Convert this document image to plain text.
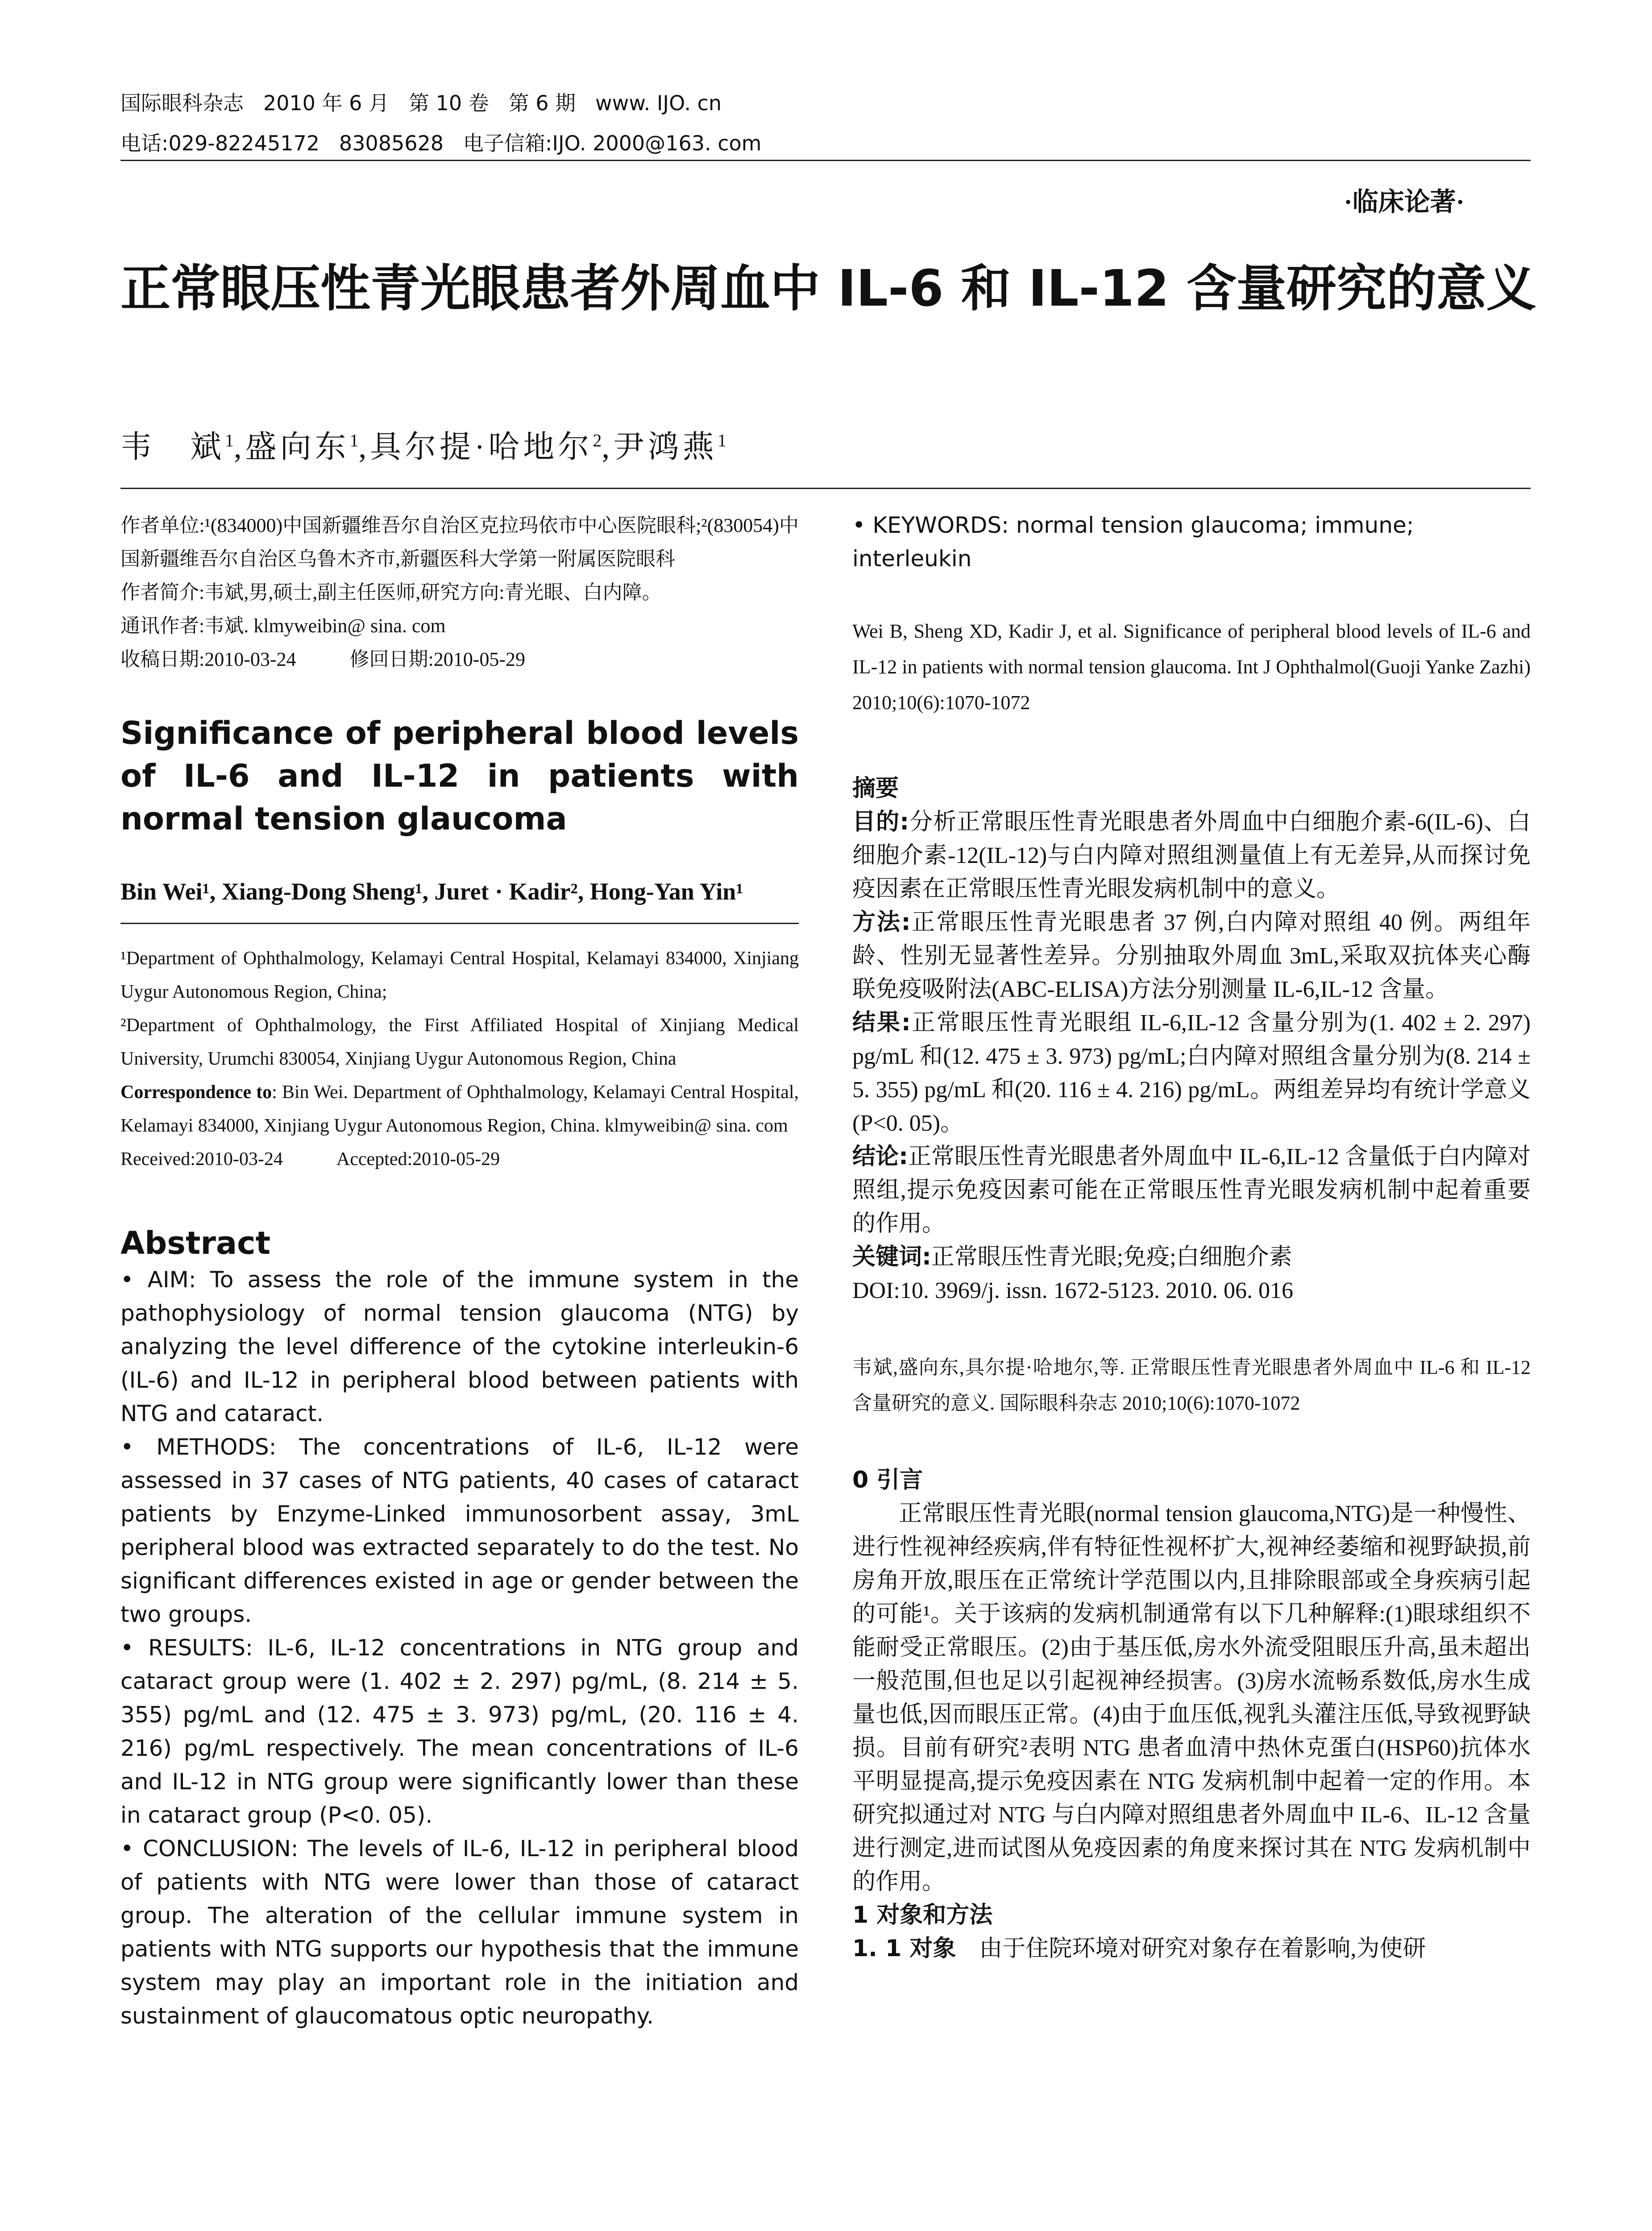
国际眼科杂志   2010 年 6 月   第 10 卷   第 6 期   www. IJO. cn
电话:029-82245172   83085628   电子信箱:IJO. 2000@163. com
·临床论著·
正常眼压性青光眼患者外周血中 IL-6 和 IL-12 含量研究的意义
韦　斌$^1$,盛向东$^1$,具尔提·哈地尔$^2$,尹鸿燕$^1$

作者单位:¹(834000)中国新疆维吾尔自治区克拉玛依市中心医院眼科;²(830054)中国新疆维吾尔自治区乌鲁木齐市,新疆医科大学第一附属医院眼科

作者简介:韦斌,男,硕士,副主任医师,研究方向:青光眼、白内障。

通讯作者:韦斌. klmyweibin@ sina. com

收稿日期:2010-03-24	修回日期:2010-05-29
Significance of peripheral blood levels of IL-6 and IL-12 in patients with normal tension glaucoma
Bin Wei¹, Xiang-Dong Sheng¹, Juret · Kadir², Hong-Yan Yin¹

¹Department of Ophthalmology, Kelamayi Central Hospital, Kelamayi 834000, Xinjiang Uygur Autonomous Region, China;

²Department of Ophthalmology, the First Affiliated Hospital of Xinjiang Medical University, Urumchi 830054, Xinjiang Uygur Autonomous Region, China

Correspondence to: Bin Wei. Department of Ophthalmology, Kelamayi Central Hospital, Kelamayi 834000, Xinjiang Uygur Autonomous Region, China. klmyweibin@ sina. com

Received:2010-03-24	Accepted:2010-05-29
Abstract

• AIM: To assess the role of the immune system in the pathophysiology of normal tension glaucoma (NTG) by analyzing the level difference of the cytokine interleukin-6 (IL-6) and IL-12 in peripheral blood between patients with NTG and cataract.

• METHODS: The concentrations of IL-6, IL-12 were assessed in 37 cases of NTG patients, 40 cases of cataract patients by Enzyme-Linked immunosorbent assay, 3mL peripheral blood was extracted separately to do the test. No significant differences existed in age or gender between the two groups.

• RESULTS: IL-6, IL-12 concentrations in NTG group and cataract group were (1. 402 ± 2. 297) pg/mL, (8. 214 ± 5. 355) pg/mL and (12. 475 ± 3. 973) pg/mL, (20. 116 ± 4. 216) pg/mL respectively. The mean concentrations of IL-6 and IL-12 in NTG group were significantly lower than these in cataract group (P<0. 05).

• CONCLUSION: The levels of IL-6, IL-12 in peripheral blood of patients with NTG were lower than those of cataract group. The alteration of the cellular immune system in patients with NTG supports our hypothesis that the immune system may play an important role in the initiation and sustainment of glaucomatous optic neuropathy.

• KEYWORDS: normal tension glaucoma; immune; interleukin

Wei B, Sheng XD, Kadir J, et al. Significance of peripheral blood levels of IL-6 and IL-12 in patients with normal tension glaucoma. Int J Ophthalmol(Guoji Yanke Zazhi) 2010;10(6):1070-1072

摘要

目的:分析正常眼压性青光眼患者外周血中白细胞介素-6(IL-6)、白细胞介素-12(IL-12)与白内障对照组测量值上有无差异,从而探讨免疫因素在正常眼压性青光眼发病机制中的意义。

方法:正常眼压性青光眼患者 37 例,白内障对照组 40 例。两组年龄、性别无显著性差异。分别抽取外周血 3mL,采取双抗体夹心酶联免疫吸附法(ABC-ELISA)方法分别测量 IL-6,IL-12 含量。

结果:正常眼压性青光眼组 IL-6,IL-12 含量分别为(1. 402 ± 2. 297) pg/mL 和(12. 475 ± 3. 973) pg/mL;白内障对照组含量分别为(8. 214 ± 5. 355) pg/mL 和(20. 116 ± 4. 216) pg/mL。两组差异均有统计学意义(P<0. 05)。

结论:正常眼压性青光眼患者外周血中 IL-6,IL-12 含量低于白内障对照组,提示免疫因素可能在正常眼压性青光眼发病机制中起着重要的作用。

关键词:正常眼压性青光眼;免疫;白细胞介素

DOI:10. 3969/j. issn. 1672-5123. 2010. 06. 016

韦斌,盛向东,具尔提·哈地尔,等. 正常眼压性青光眼患者外周血中 IL-6 和 IL-12 含量研究的意义. 国际眼科杂志 2010;10(6):1070-1072

0 引言

正常眼压性青光眼(normal tension glaucoma,NTG)是一种慢性、进行性视神经疾病,伴有特征性视杯扩大,视神经萎缩和视野缺损,前房角开放,眼压在正常统计学范围以内,且排除眼部或全身疾病引起的可能¹。关于该病的发病机制通常有以下几种解释:(1)眼球组织不能耐受正常眼压。(2)由于基压低,房水外流受阻眼压升高,虽未超出一般范围,但也足以引起视神经损害。(3)房水流畅系数低,房水生成量也低,因而眼压正常。(4)由于血压低,视乳头灌注压低,导致视野缺损。目前有研究²表明 NTG 患者血清中热休克蛋白(HSP60)抗体水平明显提高,提示免疫因素在 NTG 发病机制中起着一定的作用。本研究拟通过对 NTG 与白内障对照组患者外周血中 IL-6、IL-12 含量进行测定,进而试图从免疫因素的角度来探讨其在 NTG 发病机制中的作用。

1 对象和方法

1. 1 对象　 由于住院环境对研究对象存在着影响,为使研
